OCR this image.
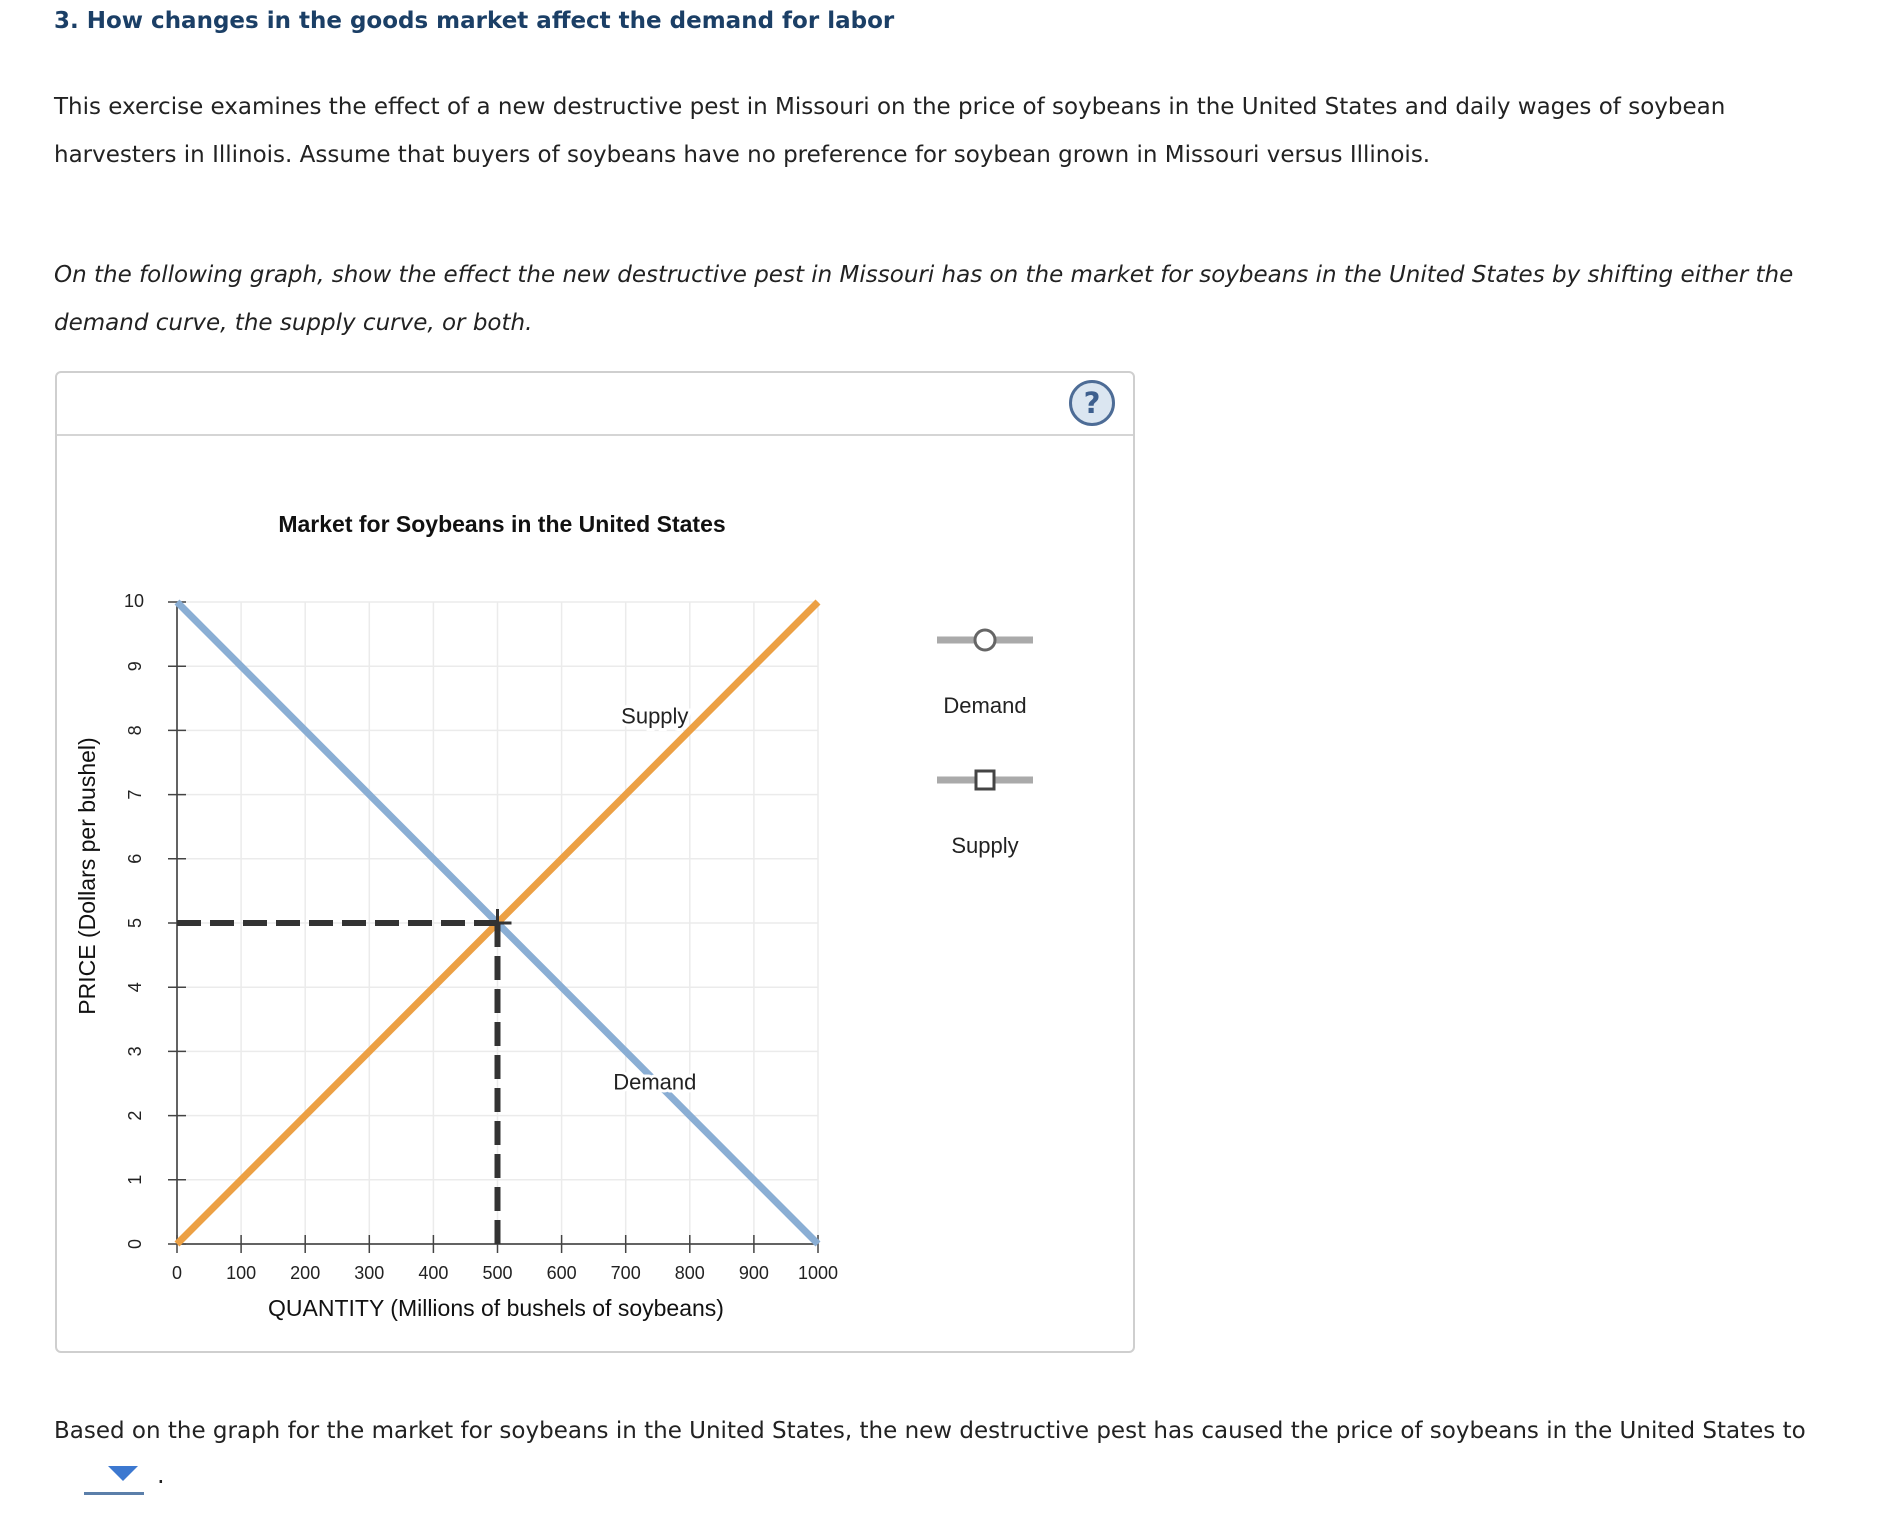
3. How changes in the goods market affect the demand for labor

This exercise examines the effect of a new destructive pest in Missouri on the price of soybeans in the United States and daily wages of soybean harvesters in Illinois. Assume that buyers of soybeans have no preference for soybean grown in Missouri versus Illinois.

On the following graph, show the effect the new destructive pest in Missouri has on the market for soybeans in the United States by shifting either the demand curve, the supply curve, or both.

?
Market for Soybeans in the United States
QUANTITY (Millions of bushels of soybeans)
PRICE (Dollars per bushel)
0
1
2
3
4
5
6
7
8
9
10
0 100 200 300 400 500 600 700 800 900 1000
Demand
Supply	Demand
Supply

Based on the graph for the market for soybeans in the United States, the new destructive pest has caused the price of soybeans in the United States to

.
